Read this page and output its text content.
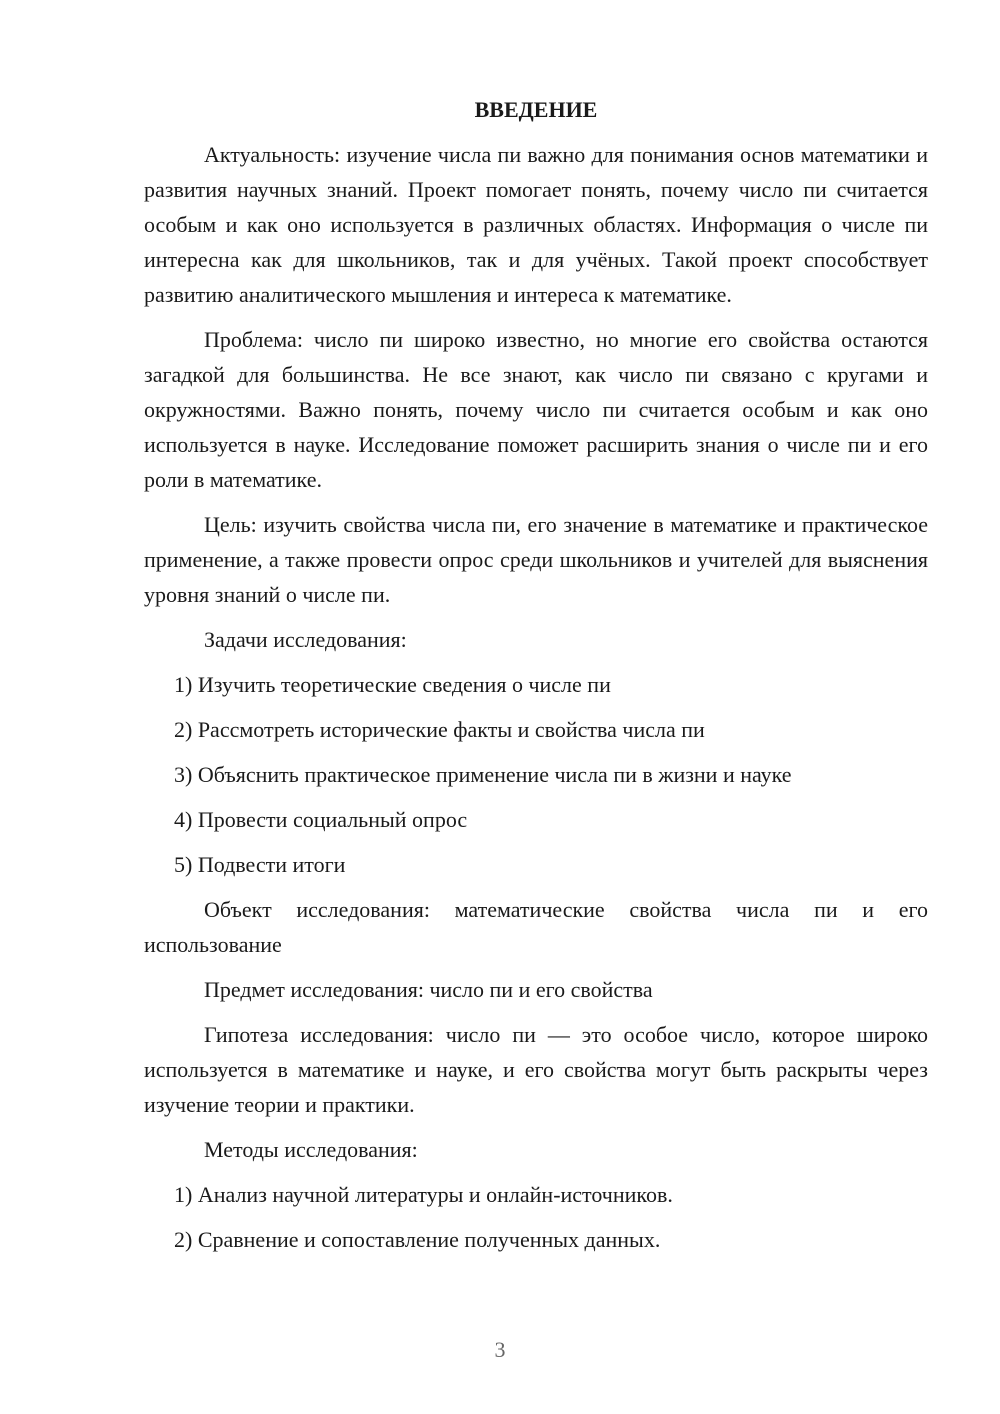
ВВЕДЕНИЕ

Актуальность: изучение числа пи важно для понимания основ математики и развития научных знаний. Проект помогает понять, почему число пи считается особым и как оно используется в различных областях. Информация о числе пи интересна как для школьников, так и для учёных. Такой проект способствует развитию аналитического мышления и интереса к математике.

Проблема: число пи широко известно, но многие его свойства остаются загадкой для большинства. Не все знают, как число пи связано с кругами и окружностями. Важно понять, почему число пи считается особым и как оно используется в науке. Исследование поможет расширить знания о числе пи и его роли в математике.

Цель: изучить свойства числа пи, его значение в математике и практическое применение, а также провести опрос среди школьников и учителей для выяснения уровня знаний о числе пи.

Задачи исследования:

1) Изучить теоретические сведения о числе пи

2) Рассмотреть исторические факты и свойства числа пи

3) Объяснить практическое применение числа пи в жизни и науке

4) Провести социальный опрос

5) Подвести итоги

Объект исследования: математические свойства числа пи и его использование

Предмет исследования: число пи и его свойства

Гипотеза исследования: число пи — это особое число, которое широко используется в математике и науке, и его свойства могут быть раскрыты через изучение теории и практики.

Методы исследования:

1) Анализ научной литературы и онлайн-источников.

2) Сравнение и сопоставление полученных данных.

3
